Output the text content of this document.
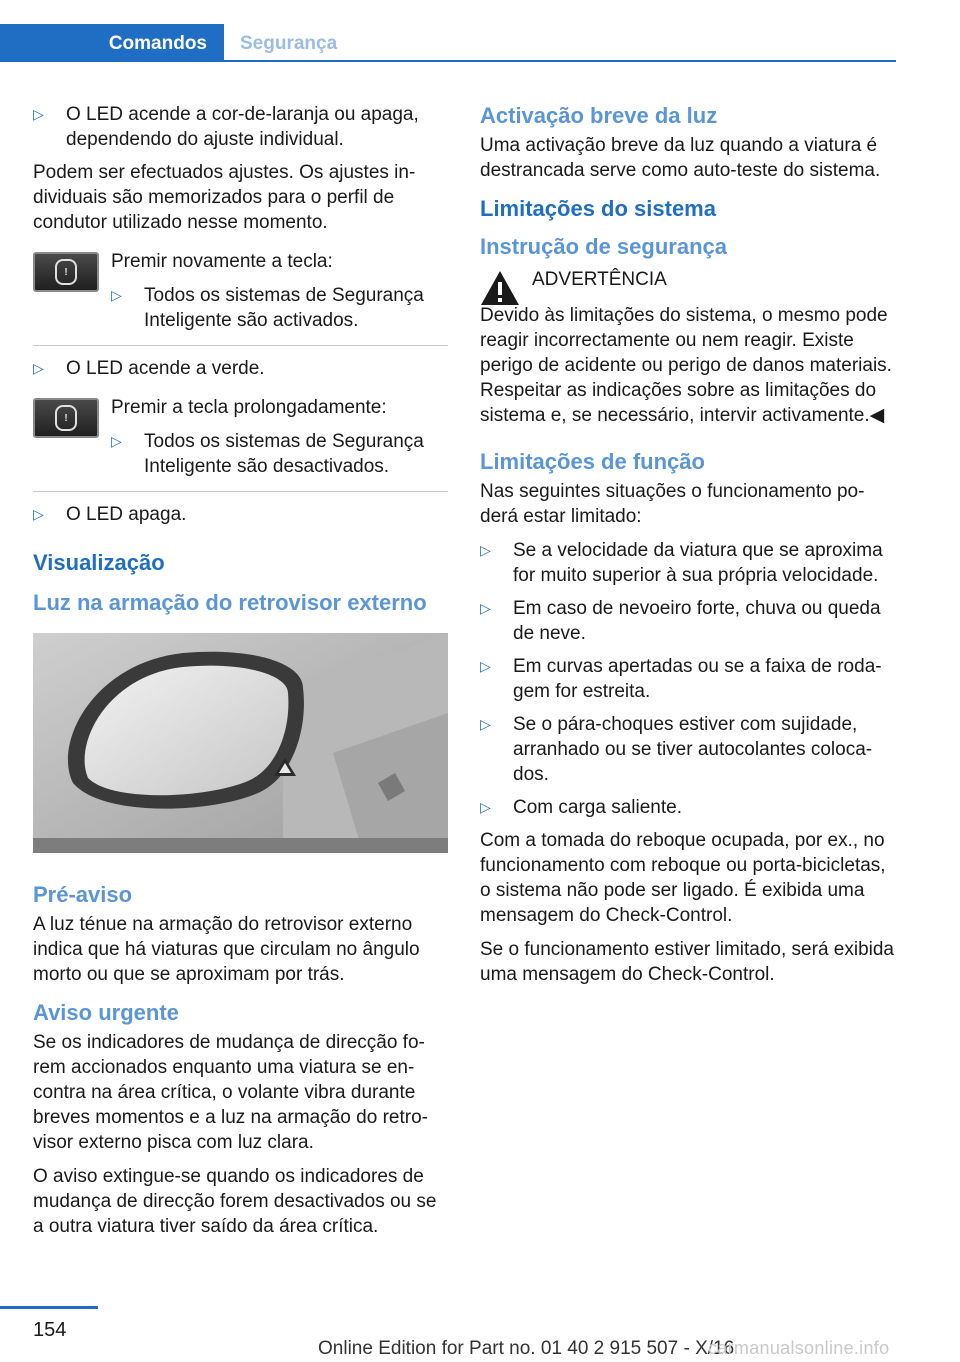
Comandos	Segurança
▷	O LED acende a cor-de-laranja ou apaga, dependendo do ajuste individual.

Podem ser efectuados ajustes. Os ajustes individuais são memorizados para o perfil de condutor utilizado nesse momento.

!	Premir novamente a tecla:

▷	Todos os sistemas de Segurança Inteligente são activados.
▷	O LED acende a verde.
!	Premir a tecla prolongadamente:

▷	Todos os sistemas de Segurança Inteligente são desactivados.
▷	O LED apaga.
Visualização
Luz na armação do retrovisor externo
Pré-aviso

A luz ténue na armação do retrovisor externo indica que há viaturas que circulam no ângulo morto ou que se aproximam por trás.

Aviso urgente

Se os indicadores de mudança de direcção forem accionados enquanto uma viatura se encontra na área crítica, o volante vibra durante breves momentos e a luz na armação do retrovisor externo pisca com luz clara.

O aviso extingue-se quando os indicadores de mudança de direcção forem desactivados ou se a outra viatura tiver saído da área crítica.

Activação breve da luz

Uma activação breve da luz quando a viatura é destrancada serve como auto-teste do sistema.

Limitações do sistema
Instrução de segurança
ADVERTÊNCIA

Devido às limitações do sistema, o mesmo pode reagir incorrectamente ou nem reagir. Existe perigo de acidente ou perigo de danos materiais. Respeitar as indicações sobre as limitações do sistema e, se necessário, intervir activamente.◀

Limitações de função

Nas seguintes situações o funcionamento poderá estar limitado:

▷	Se a velocidade da viatura que se aproxima for muito superior à sua própria velocidade.
▷	Em caso de nevoeiro forte, chuva ou queda de neve.
▷	Em curvas apertadas ou se a faixa de rodagem for estreita.
▷	Se o pára-choques estiver com sujidade, arranhado ou se tiver autocolantes colocados.
▷	Com carga saliente.

Com a tomada do reboque ocupada, por ex., no funcionamento com reboque ou porta-bicicletas, o sistema não pode ser ligado. É exibida uma mensagem do Check-Control.

Se o funcionamento estiver limitado, será exibida uma mensagem do Check-Control.

154
Online Edition for Part no. 01 40 2 915 507 - X/16
carmanualsonline.info
